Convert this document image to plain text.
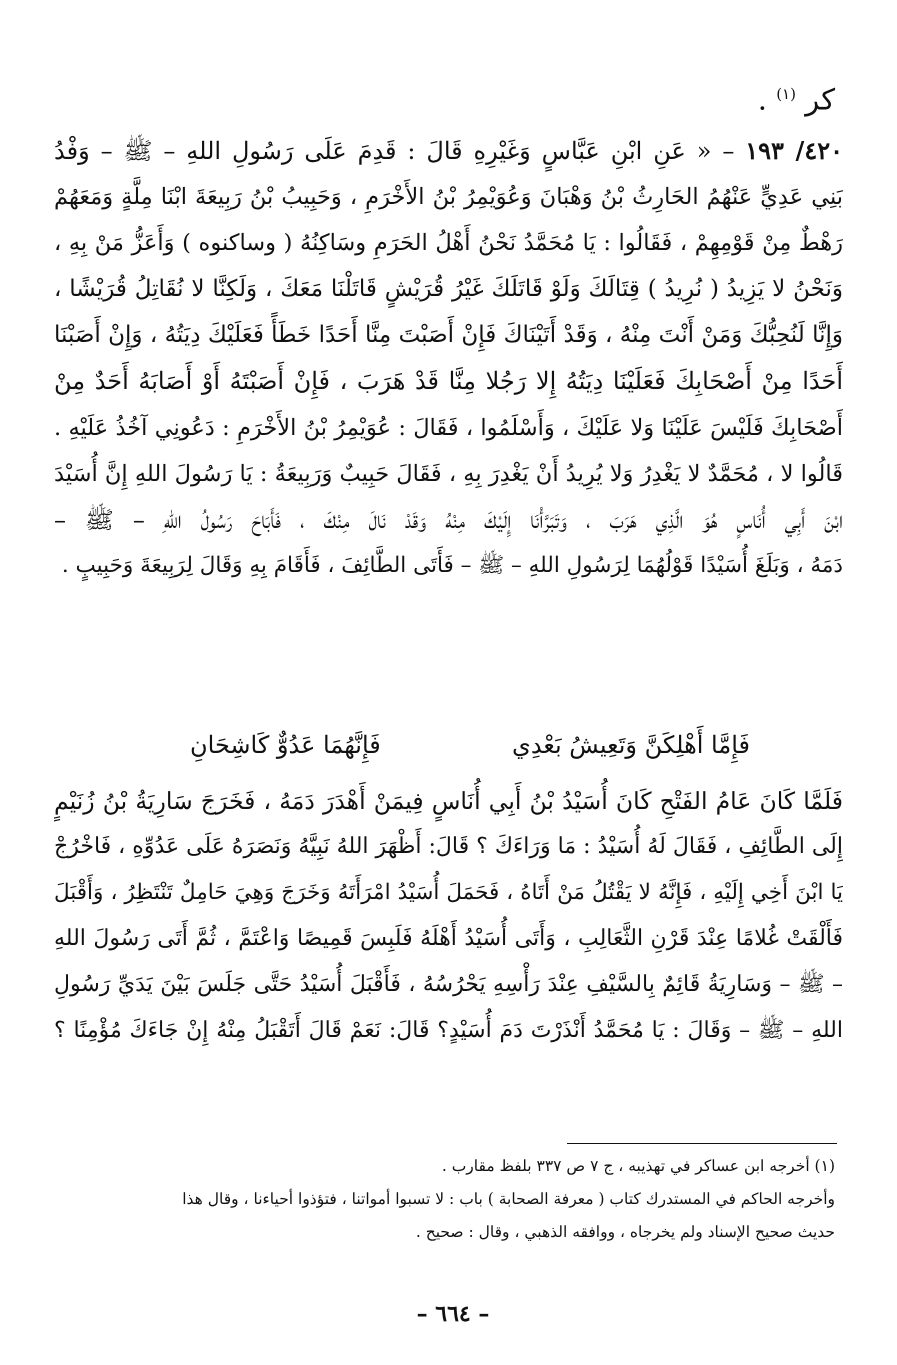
كر $^{(١)}$ .
٤٢٠/ ١٩٣ – « عَنِ ابْنِ عَبَّاسٍ وَغَيْرِهِ قَالَ : قَدِمَ عَلَى رَسُولِ اللهِ – ﷺ – وَفْدُ
بَنِي عَدِيٍّ عَنْهُمُ الحَارِثُ بْنُ وَهْبَانَ وَعُوَيْمِرُ بْنُ الأَخْرَمِ ، وَحَبِيبُ بْنُ رَبِيعَةَ ابْنَا مِلَّةٍ وَمَعَهُمْ
رَهْطٌ مِنْ قَوْمِهِمْ ، فَقَالُوا : يَا مُحَمَّدُ نَحْنُ أَهْلُ الحَرَمِ وسَاكِنُهُ ( وساكنوه ) وَأَعَزُّ مَنْ بِهِ ،
وَنَحْنُ لا يَزِيدُ ( نُرِيدُ ) قِتَالَكَ وَلَوْ قَاتَلَكَ غَيْرُ قُرَيْشٍ قَاتَلْنَا مَعَكَ ، وَلَكِنَّا لا نُقَاتِلُ قُرَيْشًا ،
وَإِنَّا لَنُحِبُّكَ وَمَنْ أَنْتَ مِنْهُ ، وَقَدْ أَتَيْنَاكَ فَإِنْ أَصَبْتَ مِنَّا أَحَدًا خَطَأً فَعَلَيْكَ دِيَتُهُ ، وَإِنْ أَصَبْنَا
أَحَدًا مِنْ أَصْحَابِكَ فَعَلَيْنَا دِيَتُهُ إِلا رَجُلا مِنَّا قَدْ هَرَبَ ، فَإِنْ أَصَبْتَهُ أَوْ أَصَابَهُ أَحَدٌ مِنْ
أَصْحَابِكَ فَلَيْسَ عَلَيْنَا وَلا عَلَيْكَ ، وَأَسْلَمُوا ، فَقَالَ : عُوَيْمِرُ بْنُ الأَخْرَمِ : دَعُونِي آخُذُ عَلَيْهِ .
قَالُوا لا ، مُحَمَّدٌ لا يَغْدِرُ وَلا يُرِيدُ أَنْ يَغْدِرَ بِهِ ، فَقَالَ حَبِيبٌ وَرَبِيعَةُ : يَا رَسُولَ اللهِ إِنَّ أُسَيْدَ
ابْنَ أَبِي أُنَاسٍ هُوَ الَّذِي هَرَبَ ، وَتَبَرَّأْنَا إِلَيْكَ مِنْهُ وَقَدْ نَالَ مِنْكَ ، فَأَبَاحَ رَسُولُ اللهِ – ﷺ –
دَمَهُ ، وَبَلَغَ أُسَيْدًا قَوْلُهُمَا لِرَسُولِ اللهِ – ﷺ – فَأَتَى الطَّائِفَ ، فَأَقَامَ بِهِ وَقَالَ لِرَبِيعَةَ وَحَبِيبٍ .
فَإِمَّا أَهْلِكَنَّ وَتَعِيشُ بَعْدِي
فَإِنَّهُمَا عَدُوٌّ كَاشِحَانِ
فَلَمَّا كَانَ عَامُ الفَتْحِ كَانَ أُسَيْدُ بْنُ أَبِي أُنَاسٍ فِيمَنْ أَهْدَرَ دَمَهُ ، فَخَرَجَ سَارِيَةُ بْنُ زُنَيْمٍ
إِلَى الطَّائِفِ ، فَقَالَ لَهُ أُسَيْدُ : مَا وَرَاءَكَ ؟ قَالَ: أَظْهَرَ اللهُ نَبِيَّهُ وَنَصَرَهُ عَلَى عَدُوِّهِ ، فَاخْرُجْ
يَا ابْنَ أَخِي إِلَيْهِ ، فَإِنَّهُ لا يَقْتُلُ مَنْ أَتَاهُ ، فَحَمَلَ أُسَيْدُ امْرَأَتَهُ وَخَرَجَ وَهِيَ حَامِلٌ تَنْتَظِرُ ، وَأَقْبَلَ
فَأَلْقَتْ غُلامًا عِنْدَ قَرْنِ الثَّعَالِبِ ، وَأَتَى أُسَيْدُ أَهْلَهُ فَلَبِسَ قَمِيصًا وَاعْتَمَّ ، ثُمَّ أَتَى رَسُولَ اللهِ
– ﷺ – وَسَارِيَةُ قَائِمٌ بِالسَّيْفِ عِنْدَ رَأْسِهِ يَحْرُسُهُ ، فَأَقْبَلَ أُسَيْدُ حَتَّى جَلَسَ بَيْنَ يَدَيِّ رَسُولِ
اللهِ – ﷺ – وَقَالَ : يَا مُحَمَّدُ أَنْذَرْتَ دَمَ أُسَيْدٍ؟ قَالَ: نَعَمْ قَالَ أَتَقْبَلُ مِنْهُ إِنْ جَاءَكَ مُؤْمِنًا ؟
(١) أخرجه ابن عساكر في تهذيبه ، ج ٧ ص ٣٣٧ بلفظ مقارب .
وأخرجه الحاكم في المستدرك كتاب ( معرفة الصحابة ) باب : لا تسبوا أمواتنا ، فتؤذوا أحياءنا ، وقال هذا
حديث صحيح الإسناد ولم يخرجاه ، ووافقه الذهبي ، وقال : صحيح .
– ٦٦٤ –
